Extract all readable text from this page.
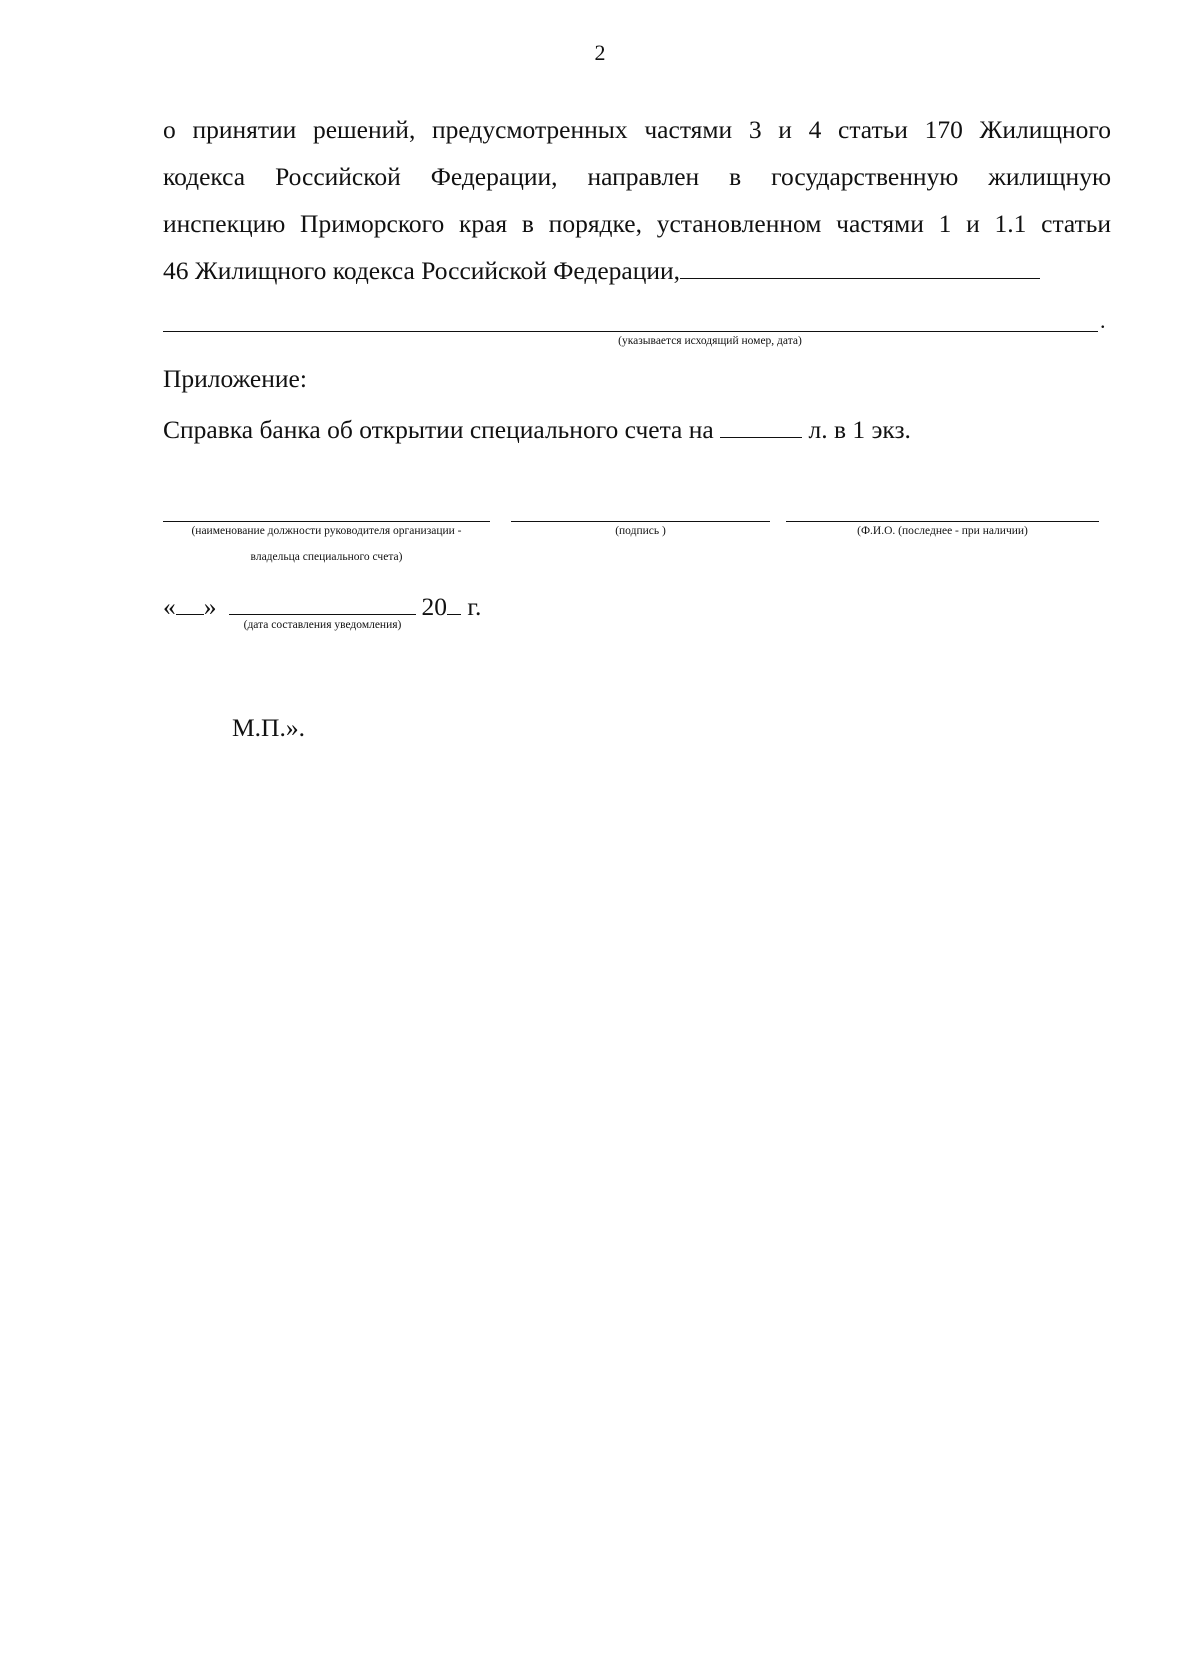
2
о принятии решений, предусмотренных частями 3 и 4 статьи 170 Жилищного
кодекса Российской Федерации, направлен в государственную жилищную
инспекцию Приморского края в порядке, установленном частями 1 и 1.1 статьи
46 Жилищного кодекса Российской Федерации,
.
(указывается исходящий номер, дата)
Приложение:
Справка банка об открытии специального счета на	л. в 1 экз.
(наименование должности руководителя организации -
владельца специального счета)
(подпись )	(Ф.И.О. (последнее - при наличии)
« »	20 г.
(дата составления уведомления)
М.П.».
